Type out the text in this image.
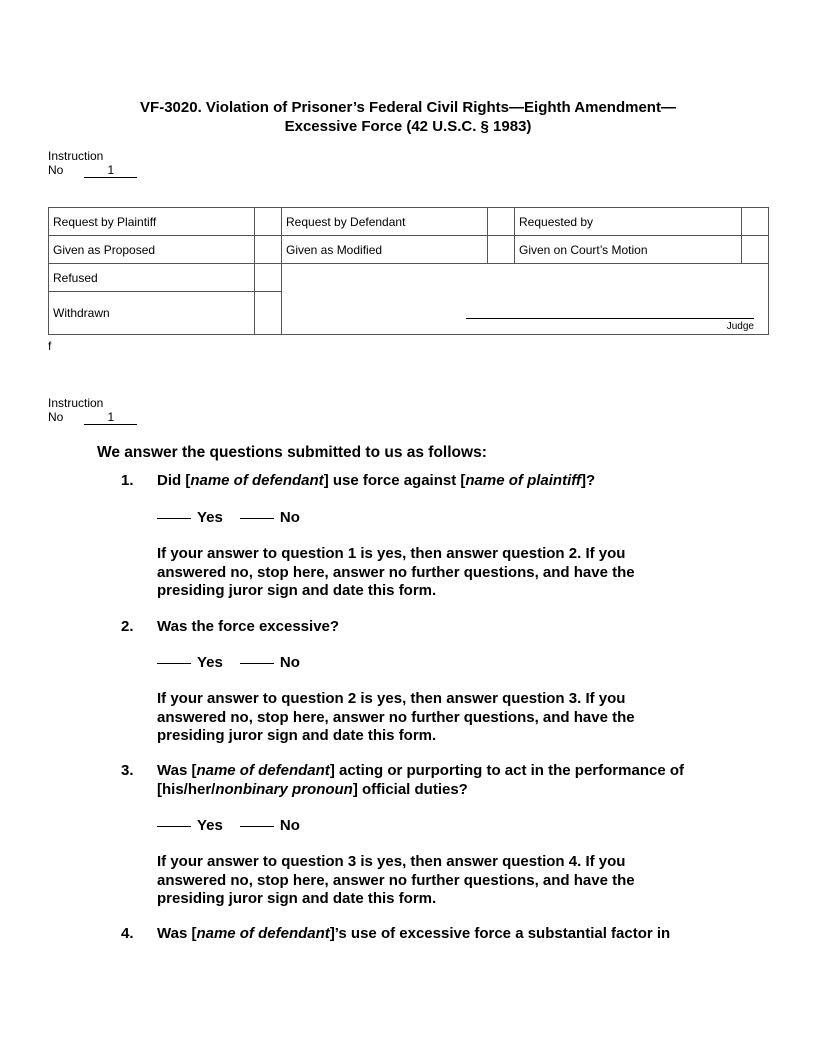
VF-3020. Violation of Prisoner’s Federal Civil Rights—Eighth Amendment—
Excessive Force (42 U.S.C. § 1983)
Instruction
No	1
Request by Plaintiff		Request by Defendant		Requested by	
Given as Proposed		Given as Modified		Given on Court’s Motion	
Refused		Judge			

Withdrawn					
f
Instruction
No	1
We answer the questions submitted to us as follows:
1. Did [name of defendant] use force against [name of plaintiff]?
Yes	No
If your answer to question 1 is yes, then answer question 2. If you
answered no, stop here, answer no further questions, and have the
presiding juror sign and date this form.
2. Was the force excessive?
Yes	No
If your answer to question 2 is yes, then answer question 3. If you
answered no, stop here, answer no further questions, and have the
presiding juror sign and date this form.
3. Was [name of defendant] acting or purporting to act in the performance of
[his/her/nonbinary pronoun] official duties?
Yes	No
If your answer to question 3 is yes, then answer question 4. If you
answered no, stop here, answer no further questions, and have the
presiding juror sign and date this form.
4. Was [name of defendant]’s use of excessive force a substantial factor in
